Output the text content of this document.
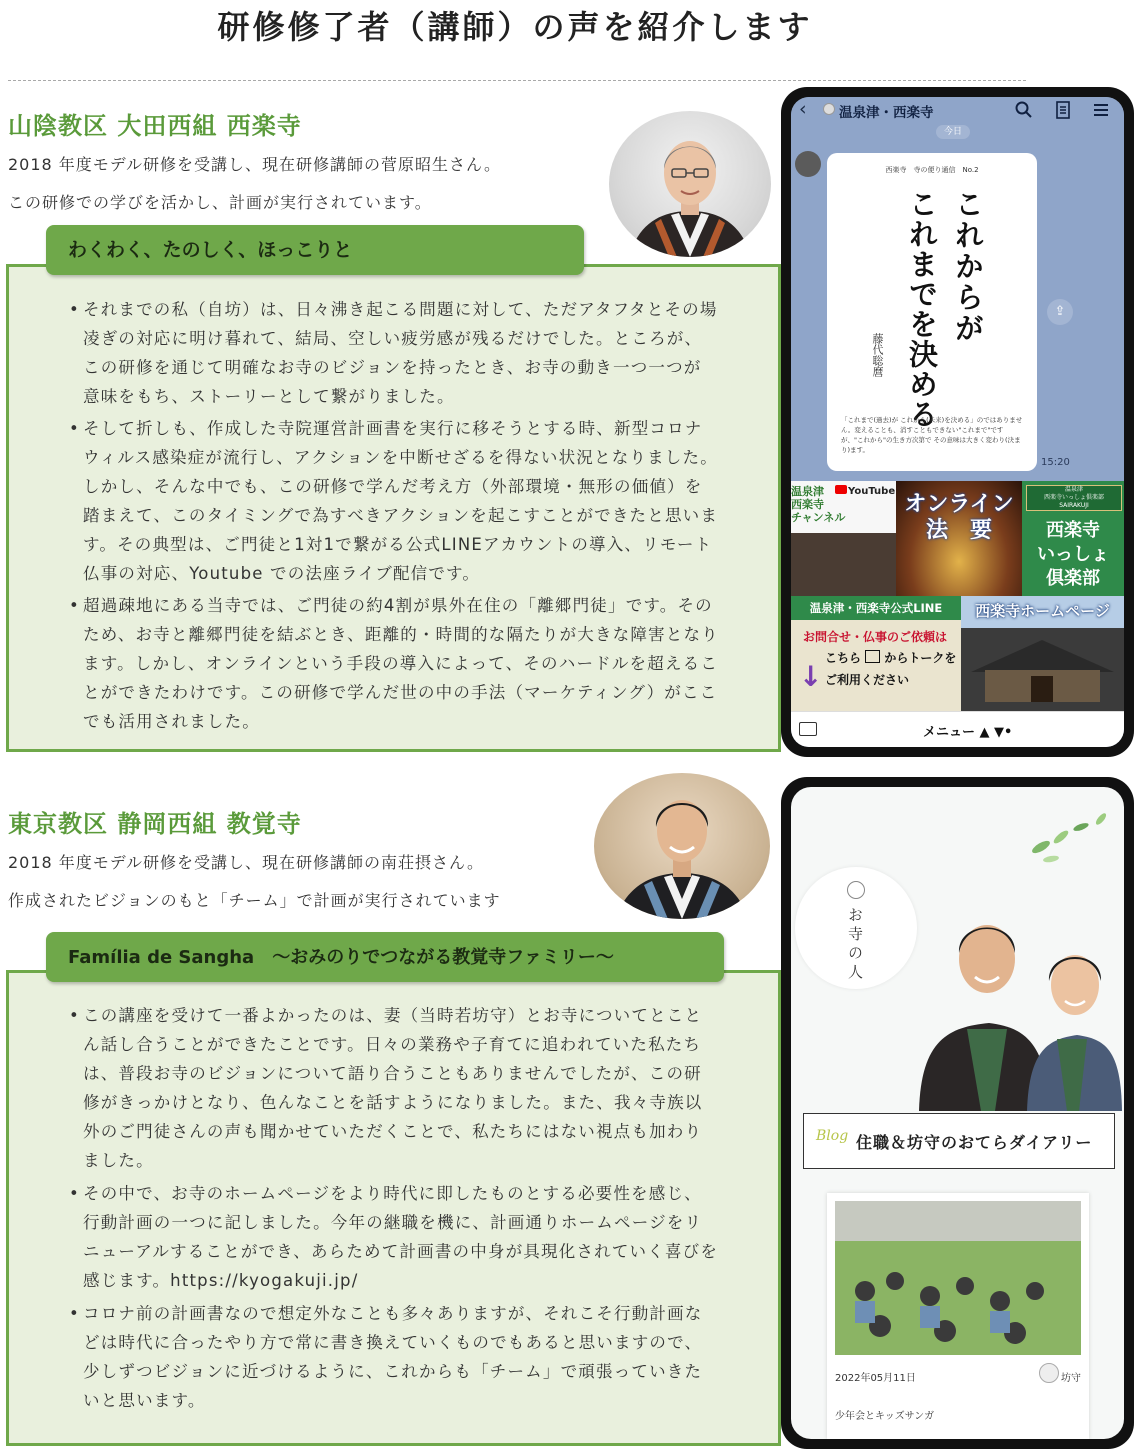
研修修了者（講師）の声を紹介します
山陰教区 大田西組 西楽寺
2018 年度モデル研修を受講し、現在研修講師の菅原昭生さん。
この研修での学びを活かし、計画が実行されています。
• それまでの私（自坊）は、日々沸き起こる問題に対して、ただアタフタとその場凌ぎの対応に明け暮れて、結局、空しい疲労感が残るだけでした。ところが、この研修を通じて明確なお寺のビジョンを持ったとき、お寺の動き一つ一つが意味をもち、ストーリーとして繋がりました。
• そして折しも、作成した寺院運営計画書を実行に移そうとする時、新型コロナウィルス感染症が流行し、アクションを中断せざるを得ない状況となりました。しかし、そんな中でも、この研修で学んだ考え方（外部環境・無形の価値）を踏まえて、このタイミングで為すべきアクションを起こすことができたと思います。その典型は、ご門徒と1対1で繋がる公式LINEアカウントの導入、リモート仏事の対応、Youtube での法座ライブ配信です。
• 超過疎地にある当寺では、ご門徒の約4割が県外在住の「離郷門徒」です。そのため、お寺と離郷門徒を結ぶとき、距離的・時間的な隔たりが大きな障害となります。しかし、オンラインという手段の導入によって、そのハードルを超えることができたわけです。この研修で学んだ世の中の手法（マーケティング）がここでも活用されました。
わくわく、たのしく、ほっこりと
‹ 温泉津・西楽寺
今日
西楽寺　寺の便り通信　No.2
これからが
これまでを決める
藤代聡麿
「これまで(過去)が これから(未来)を決める」のではありません。変えることも、消すこともできない"これまで"ですが、"これから"の生き方次第で その意味は大きく変わり(決まり)ます。
15:20
⇪
温泉津
西楽寺
チャンネル
YouTube
オンライン
法　要
温泉津
西楽寺いっしょ倶楽部
SAIRAKUJI
西楽寺
いっしょ
倶楽部
温泉津・西楽寺公式LINE
お問合せ・仏事のご依頼は
こちら からトークを
ご利用ください
↓
西楽寺ホームページ
メニュー ▲ ▼•
東京教区 静岡西組 教覚寺
2018 年度モデル研修を受講し、現在研修講師の南荘摂さん。
作成されたビジョンのもと「チーム」で計画が実行されています
• この講座を受けて一番よかったのは、妻（当時若坊守）とお寺についてとことん話し合うことができたことです。日々の業務や子育てに追われていた私たちは、普段お寺のビジョンについて語り合うこともありませんでしたが、この研修がきっかけとなり、色んなことを話すようになりました。また、我々寺族以外のご門徒さんの声も聞かせていただくことで、私たちにはない視点も加わりました。
• その中で、お寺のホームページをより時代に即したものとする必要性を感じ、行動計画の一つに記しました。今年の継職を機に、計画通りホームページをリニューアルすることができ、あらためて計画書の中身が具現化されていく喜びを感じます。https://kyogakuji.jp/
• コロナ前の計画書なので想定外なことも多々ありますが、それこそ行動計画などは時代に合ったやり方で常に書き換えていくものでもあると思いますので、少しずつビジョンに近づけるように、これからも「チーム」で頑張っていきたいと思います。
Família de Sangha　～おみのりでつながる教覚寺ファミリー～	お寺の人
Blog 住職＆坊守のおてらダイアリー
2022年05月11日	坊守
少年会とキッズサンガ
